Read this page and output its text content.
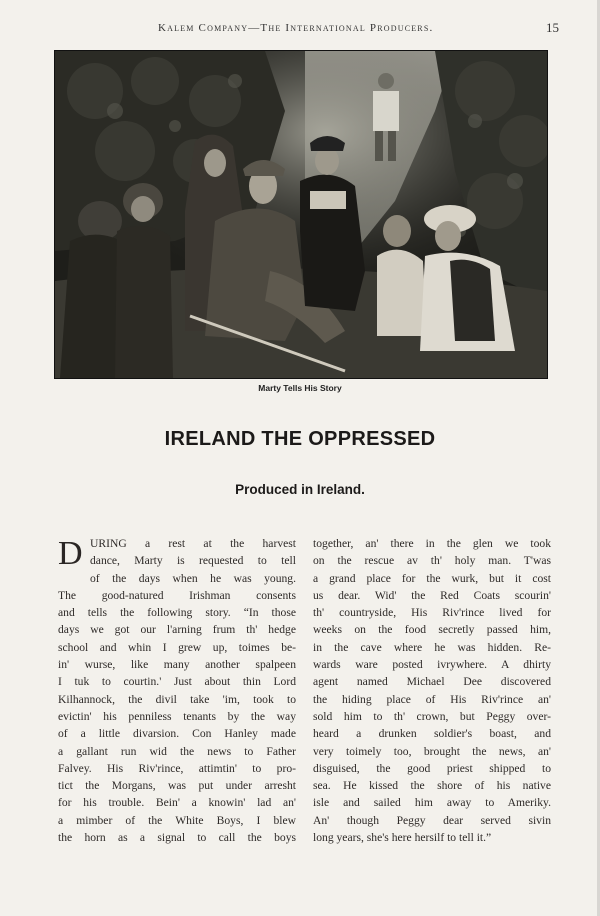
Kalem Company—The International Producers.	15
Marty Tells His Story
IRELAND THE OPPRESSED
Produced in Ireland.
D URING a rest at the harvest
dance, Marty is requested to tell
of the days when he was young.
The good-natured Irishman consents
and tells the following story. “In those
days we got our l'arning frum th' hedge
school and whin I grew up, toimes be-
in' wurse, like many another spalpeen
I tuk to courtin.' Just about thin Lord
Kilhannock, the divil take 'im, took to
evictin' his penniless tenants by the way
of a little divarsion. Con Hanley made
a gallant run wid the news to Father
Falvey. His Riv'rince, attimtin' to pro-
tict the Morgans, was put under arresht
for his trouble. Bein' a knowin' lad an'
a mimber of the White Boys, I blew
the horn as a signal to call the boys
together, an' there in the glen we took
on the rescue av th' holy man. T'was
a grand place for the wurk, but it cost
us dear. Wid' the Red Coats scourin'
th' countryside, His Riv'rince lived for
weeks on the food secretly passed him,
in the cave where he was hidden. Re-
wards ware posted ivrywhere. A dhirty
agent named Michael Dee discovered
the hiding place of His Riv'rince an'
sold him to th' crown, but Peggy over-
heard a drunken soldier's boast, and
very toimely too, brought the news, an'
disguised, the good priest shipped to
sea. He kissed the shore of his native
isle and sailed him away to Ameriky.
An' though Peggy dear served sivin
long years, she's here hersilf to tell it.”
